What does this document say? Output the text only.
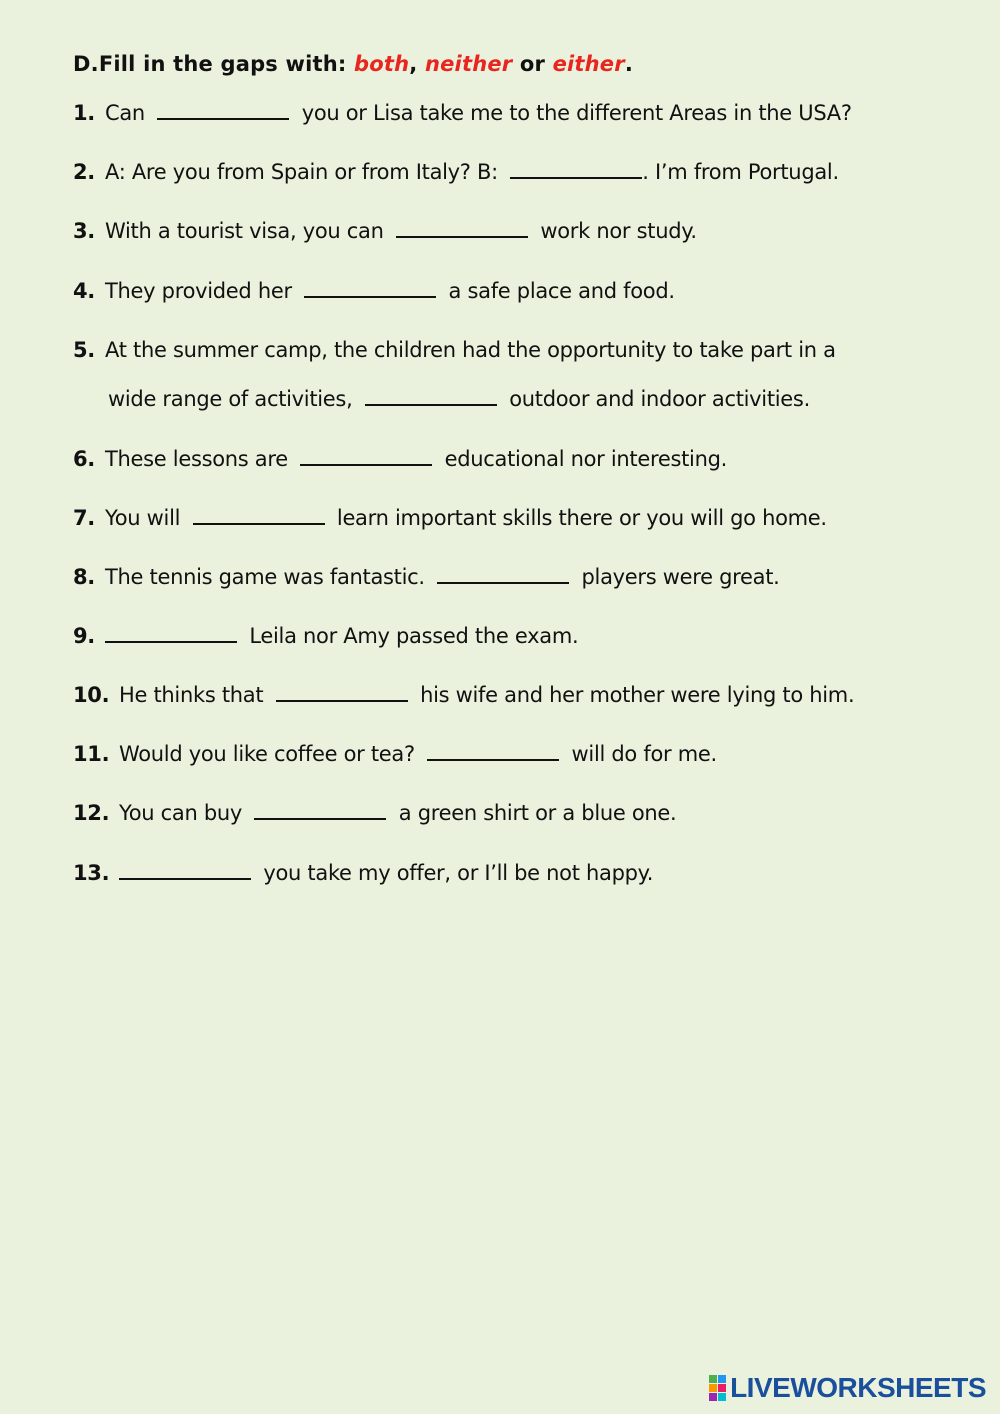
D.Fill in the gaps with: both, neither or either.
1. Can	you or Lisa take me to the different Areas in the USA?
2. A: Are you from Spain or from Italy? B:	. I’m from Portugal.
3. With a tourist visa, you can	work nor study.
4. They provided her	a safe place and food.
5. At the summer camp, the children had the opportunity to take part in a
wide range of activities,	outdoor and indoor activities.
6. These lessons are	educational nor interesting.
7. You will	learn important skills there or you will go home.
8. The tennis game was fantastic.	players were great.
9.	Leila nor Amy passed the exam.
10. He thinks that	his wife and her mother were lying to him.
11. Would you like coffee or tea?	will do for me.
12. You can buy	a green shirt or a blue one.
13.	you take my offer, or I’ll be not happy.
LIVEWORKSHEETS
